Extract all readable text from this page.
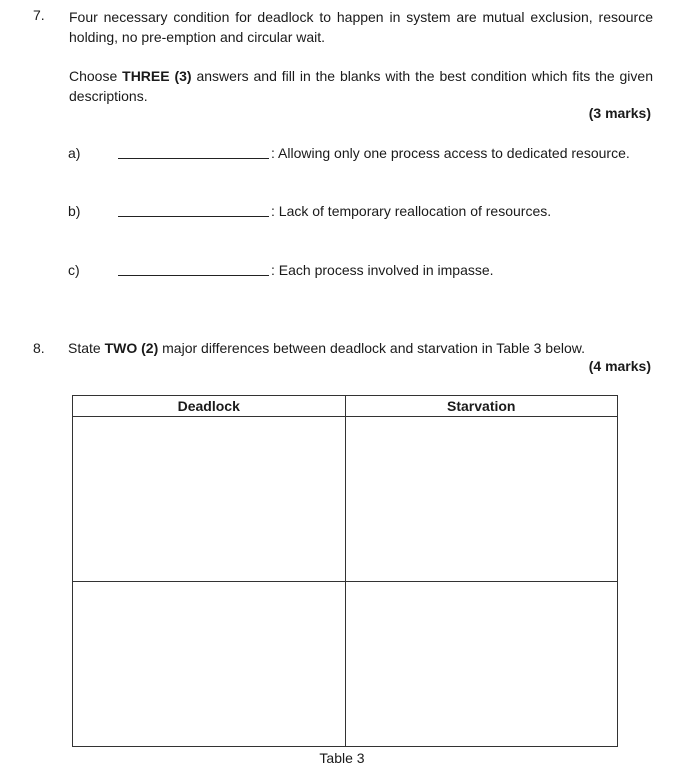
7. Four necessary condition for deadlock to happen in system are mutual exclusion, resource holding, no pre-emption and circular wait.
Choose THREE (3) answers and fill in the blanks with the best condition which fits the given descriptions.
(3 marks)
a)	: Allowing only one process access to dedicated resource.
b)	: Lack of temporary reallocation of resources.
c)	: Each process involved in impasse.
8. State TWO (2) major differences between deadlock and starvation in Table 3 below.
(4 marks)
Deadlock	Starvation

Table 3
